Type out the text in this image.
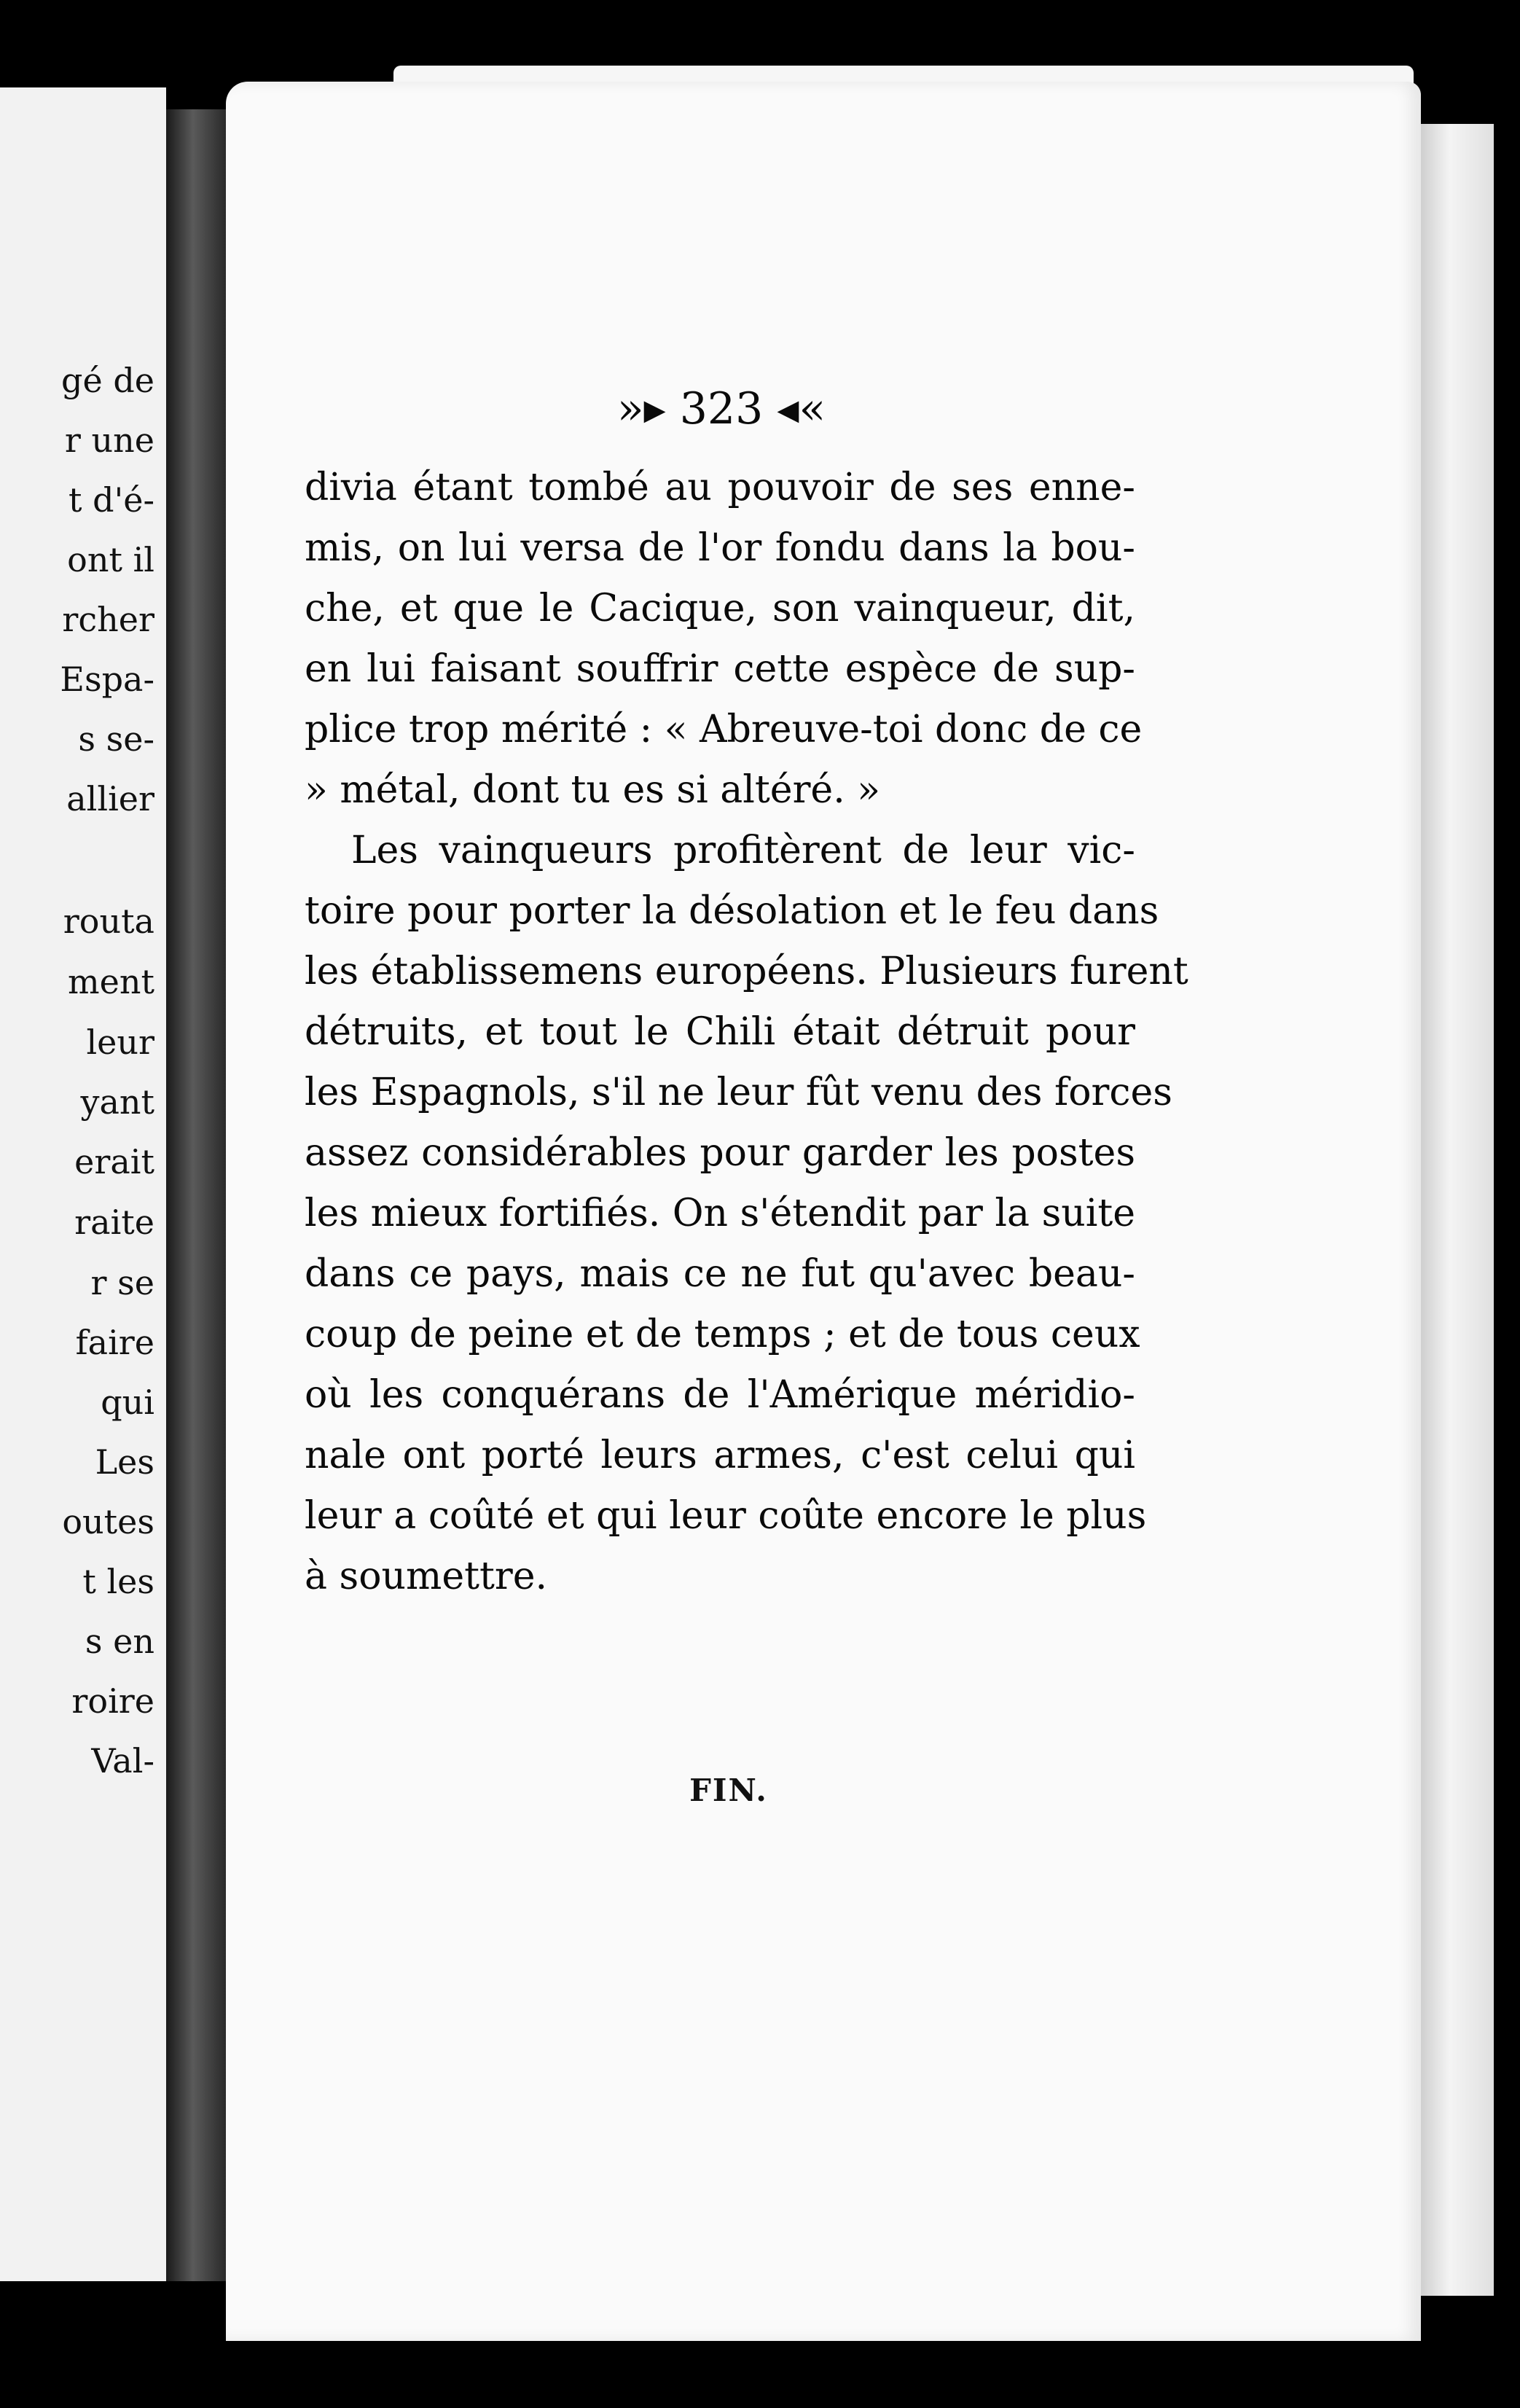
gé de
r une
t d'é-
ont il
rcher
Espa-
s se-
allier
routa
ment
leur
yant
erait
raite
r se
faire
qui
Les
outes
t les
s en
roire
Val-
»▸ 323 ◂«
divia étant tombé au pouvoir de ses enne-
mis, on lui versa de l'or fondu dans la bou-
che, et que le Cacique, son vainqueur, dit,
en lui faisant souffrir cette espèce de sup-
plice trop mérité : « Abreuve-toi donc de ce
» métal, dont tu es si altéré. »
Les vainqueurs profitèrent de leur vic-
toire pour porter la désolation et le feu dans
les établissemens européens. Plusieurs furent
détruits, et tout le Chili était détruit pour
les Espagnols, s'il ne leur fût venu des forces
assez considérables pour garder les postes
les mieux fortifiés. On s'étendit par la suite
dans ce pays, mais ce ne fut qu'avec beau-
coup de peine et de temps ; et de tous ceux
où les conquérans de l'Amérique méridio-
nale ont porté leurs armes, c'est celui qui
leur a coûté et qui leur coûte encore le plus
à soumettre.
FIN.
